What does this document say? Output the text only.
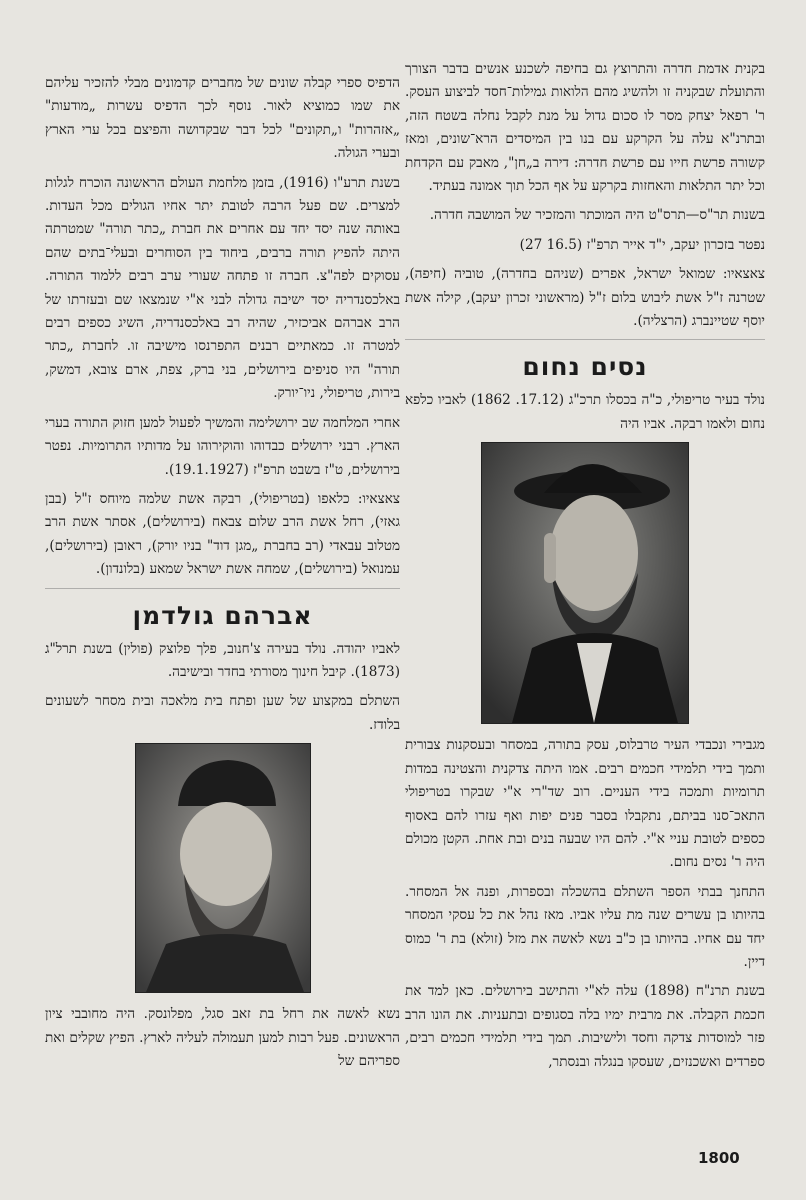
בקנית אדמת חדרה והתרוצץ גם בחיפה לשכנע אנשים בדבר הצורך והתועלת שבקניה זו ולהשיג מהם הלואות גמילות־חסד לביצוע העסק. ר' רפאל יצחק מסר לו סכום גדול על מנת לקבל נחלה בשטח הזה, ובתרנ"א עלה על הקרקע עם בנו בין המיסדים הרא־שונים, ומאז קשורה פרשת חייו עם פרשת חדרה: דירה ב„חן", מאבק עם הקדחת וכל יתר התלאות והאחזות בקרקע על אף הכל תוך אמונה בעתיד.

בשנות תר"ס—תרס"ט היה המוכתר והמזכיר של המושבה חדרה.

נפטר בזכרון יעקב, י"ד אייר תרפ"ז (16.5 27)

צאצאיו: שמואל ישראל, אפרים (שניהם בחדרה), טוביה (חיפה), שטרנה ז"ל אשת ליבוש בלום ז"ל (מראשוני זכרון יעקב), קילה אשת יוסף שטיינברג (הרצליה).

נסים נחום

נולד בעיר טריפולי, כ"ה בכסלו תרכ"ג (17.12. 1862) לאביו כלפא נחום ולאמו רבקה. אביו היה

מגבירי ונכבדי העיר טרבלוס, עסק בתורה, במסחר ובעסקנות צבורית ותמך בידי תלמידי חכמים רבים. אמו היתה צדקנית והצטינה במדות תרומיות ותמכה בידי העניים. רוב שד"רי א"י שבקרו בטריפולי התאכ־סנו בביתם, נתקבלו בסבר פנים יפות ואף עזרו להם באסוף כספים לטובת עניי א"י. להם היו שבעה בנים ובת אחת. הקטן מכולם היה ר' נסים נחום.

התחנך בבתי הספר השתלם בהשכלה ובספרות, ופנה אל המסחר. בהיותו בן עשרים שנה מת עליו אביו. מאז נהל את כל עסקי המסחר יחד עם אחיו. בהיותו בן כ"ב נשא לאשה את מזל (זולא) בת ר' כמוס דיין.

בשנת תרנ"ח (1898) עלה לא"י והתישב בירושלים. כאן למד את חכמת הקבלה. את מרבית ימיו בלה בסגופים ובתעניות. את הונו הרב פזר למוסדות צדקה וחסד ולישיבות. תמך בידי תלמידי חכמים רבים, ספרדים ואשכנזים, שעסקו בנגלה ובנסתר,

הדפיס ספרי קבלה שונים של מחברים קדמונים מבלי להזכיר עליהם את שמו כמוציא לאור. נוסף לכך הדפיס עשרות „מודעות" „אזהרות" ו„תקונים" לכל דבר שבקדושה והפיצם בכל ערי הארץ ובערי הגולה.

בשנת תרע"ו (1916), בזמן מלחמת העולם הראשונה הוכרח לגלות למצרים. שם פעל הרבה לטובת יתר אחיו הגולים מכל העדות. באותה שנה יסד יחד עם אחרים את חברת „כתר תורה" שמטרתה היתה להפיץ תורה ברבים, ביחוד בין הסוחרים ובעלי־בתים שהם עסוקים לפה"צ. חברה זו פתחה שעורי ערב רבים ללמוד התורה. באלכסנדריה יסד ישיבה גדולה לבני א"י שנמצאו שם ובעזרתו של הרב אברהם אביכזיר, שהיה רב באלכסנדריה, השיג כספים רבים למטרה זו. כמאתיים רבנים התפרנסו מישיבה זו. לחברת „כתר תורה" היו סניפים בירושלים, בני ברק, צפת, ארם צובא, דמשק, בירות, טריפולי, ניו־יורק.

אחרי המלחמה שב ירושלימה והמשיך לפעול למען חזוק התורה בערי הארץ. רבני ירושלים כבדוהו והוקירוהו על מדותיו התרומיות. נפטר בירושלים, ט"ז בשבט תרפ"ז (19.1.1927).

צאצאיו: כלאפו (בטריפולי), רבקה אשת שלמה מיוחס ז"ל (בבן גאזי), רחל אשת הרב שלום צבאח (בירושלים), אסתר אשת הרב מטלוב עבאדי (רב בחברת „מגן דוד" בניו יורק), ראובן (בירושלים), עמנואל (בירושלים), שמחה אשת ישראל שמאע (בלונדון).

אברהם גולדמן

לאביו יהודה. נולד בעירה צ'חנוב, פלך פלוצק (פולין) בשנת תרל"ג (1873). קיבל חינוך מסורתי בחדר ובישיבה.

השתלם במקצוע של שען ופתח בית מלאכה ובית מסחר לשעונים בלודז.

נשא לאשה את רחל בת זאב סגל, מפלונסק. היה מחובבי ציון הראשונים. פעל רבות למען תעמולה לעליה לארץ. הפיץ שקלים ואת ספריהם של

1800
